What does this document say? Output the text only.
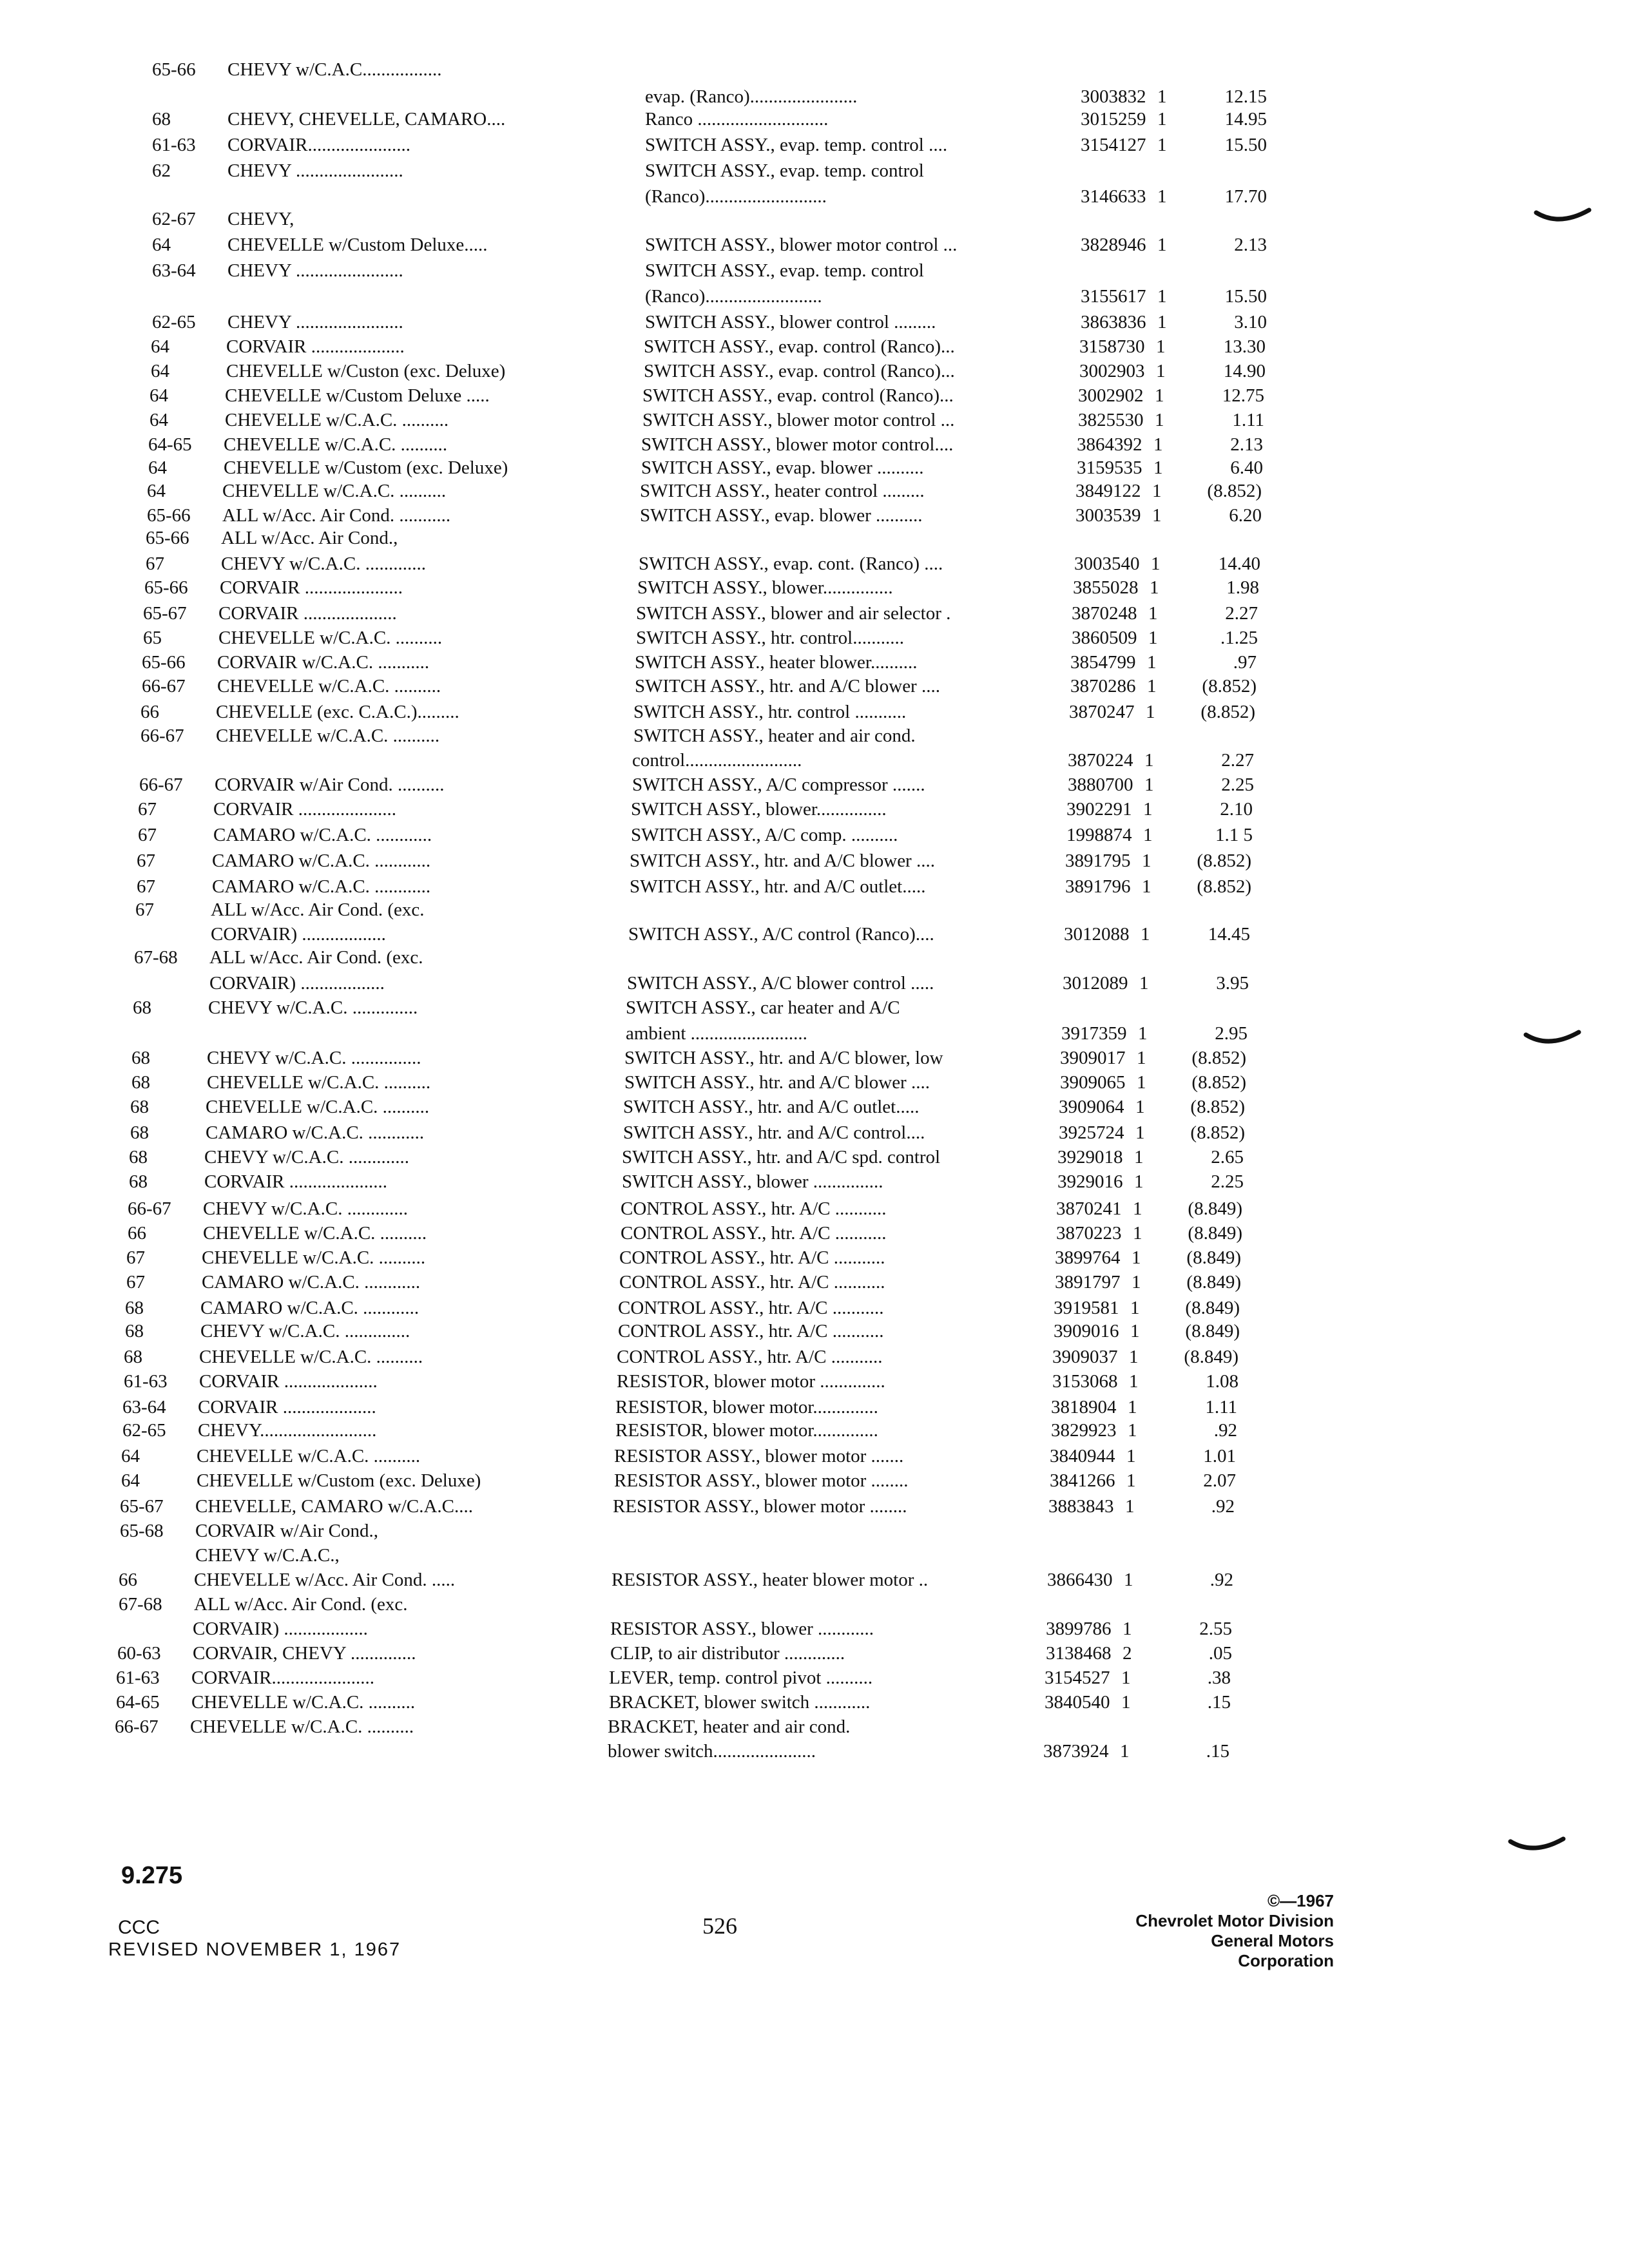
65-66 CHEVY w/C.A.C.................
evap. (Ranco).......................	3003832 1	12.15
68	CHEVY, CHEVELLE, CAMARO....	Ranco ............................	3015259 1	14.95
61-63 CORVAIR......................	SWITCH ASSY., evap. temp. control ....	3154127 1	15.50
62	CHEVY .......................	SWITCH ASSY., evap. temp. control
(Ranco)..........................	3146633 1	17.70
62-67 CHEVY,
64	CHEVELLE w/Custom Deluxe.....	SWITCH ASSY., blower motor control ...	3828946 1	2.13
63-64 CHEVY .......................	SWITCH ASSY., evap. temp. control
(Ranco).........................	3155617 1	15.50
62-65 CHEVY .......................	SWITCH ASSY., blower control .........	3863836 1	3.10
64	CORVAIR ....................	SWITCH ASSY., evap. control (Ranco)...	3158730 1	13.30
64	CHEVELLE w/Custon (exc. Deluxe)	SWITCH ASSY., evap. control (Ranco)...	3002903 1	14.90
64	CHEVELLE w/Custom Deluxe .....	SWITCH ASSY., evap. control (Ranco)...	3002902 1	12.75
64	CHEVELLE w/C.A.C. ..........	SWITCH ASSY., blower motor control ...	3825530 1	1.11
64-65 CHEVELLE w/C.A.C. ..........	SWITCH ASSY., blower motor control....	3864392 1	2.13
64	CHEVELLE w/Custom (exc. Deluxe)	SWITCH ASSY., evap. blower ..........	3159535 1	6.40
64	CHEVELLE w/C.A.C. ..........	SWITCH ASSY., heater control .........	3849122 1	(8.852)
65-66 ALL w/Acc. Air Cond. ...........	SWITCH ASSY., evap. blower ..........	3003539 1	6.20
65-66 ALL w/Acc. Air Cond.,
67	CHEVY w/C.A.C. .............	SWITCH ASSY., evap. cont. (Ranco) ....	3003540 1	14.40
65-66 CORVAIR .....................	SWITCH ASSY., blower...............	3855028 1	1.98
65-67 CORVAIR ....................	SWITCH ASSY., blower and air selector .	3870248 1	2.27
65	CHEVELLE w/C.A.C. ..........	SWITCH ASSY., htr. control...........	3860509 1	.1.25
65-66 CORVAIR w/C.A.C. ...........	SWITCH ASSY., heater blower..........	3854799 1	.97
66-67 CHEVELLE w/C.A.C. ..........	SWITCH ASSY., htr. and A/C blower ....	3870286 1	(8.852)
66	CHEVELLE (exc. C.A.C.).........	SWITCH ASSY., htr. control ...........	3870247 1	(8.852)
66-67 CHEVELLE w/C.A.C. ..........	SWITCH ASSY., heater and air cond.
control.........................	3870224 1	2.27
66-67 CORVAIR w/Air Cond. ..........	SWITCH ASSY., A/C compressor .......	3880700 1	2.25
67	CORVAIR .....................	SWITCH ASSY., blower...............	3902291 1	2.10
67	CAMARO w/C.A.C. ............	SWITCH ASSY., A/C comp. ..........	1998874 1	1.1 5
67	CAMARO w/C.A.C. ............	SWITCH ASSY., htr. and A/C blower ....	3891795 1	(8.852)
67	CAMARO w/C.A.C. ............	SWITCH ASSY., htr. and A/C outlet.....	3891796 1	(8.852)
67	ALL w/Acc. Air Cond. (exc.
CORVAIR) ..................	SWITCH ASSY., A/C control (Ranco)....	3012088 1	14.45
67-68 ALL w/Acc. Air Cond. (exc.
CORVAIR) ..................	SWITCH ASSY., A/C blower control .....	3012089 1	3.95
68	CHEVY w/C.A.C. ..............	SWITCH ASSY., car heater and A/C
ambient .........................	3917359 1	2.95
68	CHEVY w/C.A.C. ...............	SWITCH ASSY., htr. and A/C blower, low	3909017 1	(8.852)
68	CHEVELLE w/C.A.C. ..........	SWITCH ASSY., htr. and A/C blower ....	3909065 1	(8.852)
68	CHEVELLE w/C.A.C. ..........	SWITCH ASSY., htr. and A/C outlet.....	3909064 1	(8.852)
68	CAMARO w/C.A.C. ............	SWITCH ASSY., htr. and A/C control....	3925724 1	(8.852)
68	CHEVY w/C.A.C. .............	SWITCH ASSY., htr. and A/C spd. control	3929018 1	2.65
68	CORVAIR .....................	SWITCH ASSY., blower ...............	3929016 1	2.25
66-67 CHEVY w/C.A.C. .............	CONTROL ASSY., htr. A/C ...........	3870241 1	(8.849)
66	CHEVELLE w/C.A.C. ..........	CONTROL ASSY., htr. A/C ...........	3870223 1	(8.849)
67	CHEVELLE w/C.A.C. ..........	CONTROL ASSY., htr. A/C ...........	3899764 1	(8.849)
67	CAMARO w/C.A.C. ............	CONTROL ASSY., htr. A/C ...........	3891797 1	(8.849)
68	CAMARO w/C.A.C. ............	CONTROL ASSY., htr. A/C ...........	3919581 1	(8.849)
68	CHEVY w/C.A.C. ..............	CONTROL ASSY., htr. A/C ...........	3909016 1	(8.849)
68	CHEVELLE w/C.A.C. ..........	CONTROL ASSY., htr. A/C ...........	3909037 1	(8.849)
61-63 CORVAIR ....................	RESISTOR, blower motor ..............	3153068 1	1.08
63-64 CORVAIR ....................	RESISTOR, blower motor..............	3818904 1	1.11
62-65 CHEVY.........................	RESISTOR, blower motor..............	3829923 1	.92
64	CHEVELLE w/C.A.C. ..........	RESISTOR ASSY., blower motor .......	3840944 1	1.01
64	CHEVELLE w/Custom (exc. Deluxe)	RESISTOR ASSY., blower motor ........	3841266 1	2.07
65-67 CHEVELLE, CAMARO w/C.A.C....	RESISTOR ASSY., blower motor ........	3883843 1	.92
65-68 CORVAIR w/Air Cond.,
CHEVY w/C.A.C.,
66	CHEVELLE w/Acc. Air Cond. .....	RESISTOR ASSY., heater blower motor ..	3866430 1	.92
67-68 ALL w/Acc. Air Cond. (exc.
CORVAIR) ..................	RESISTOR ASSY., blower ............	3899786 1	2.55
60-63 CORVAIR, CHEVY ..............	CLIP, to air distributor .............	3138468 2	.05
61-63 CORVAIR......................	LEVER, temp. control pivot ..........	3154527 1	.38
64-65 CHEVELLE w/C.A.C. ..........	BRACKET, blower switch ............	3840540 1	.15
66-67 CHEVELLE w/C.A.C. ..........	BRACKET, heater and air cond.
blower switch......................	3873924 1	.15
9.275
CCC
REVISED NOVEMBER 1, 1967
526
©—1967
Chevrolet Motor Division
General Motors Corporation
